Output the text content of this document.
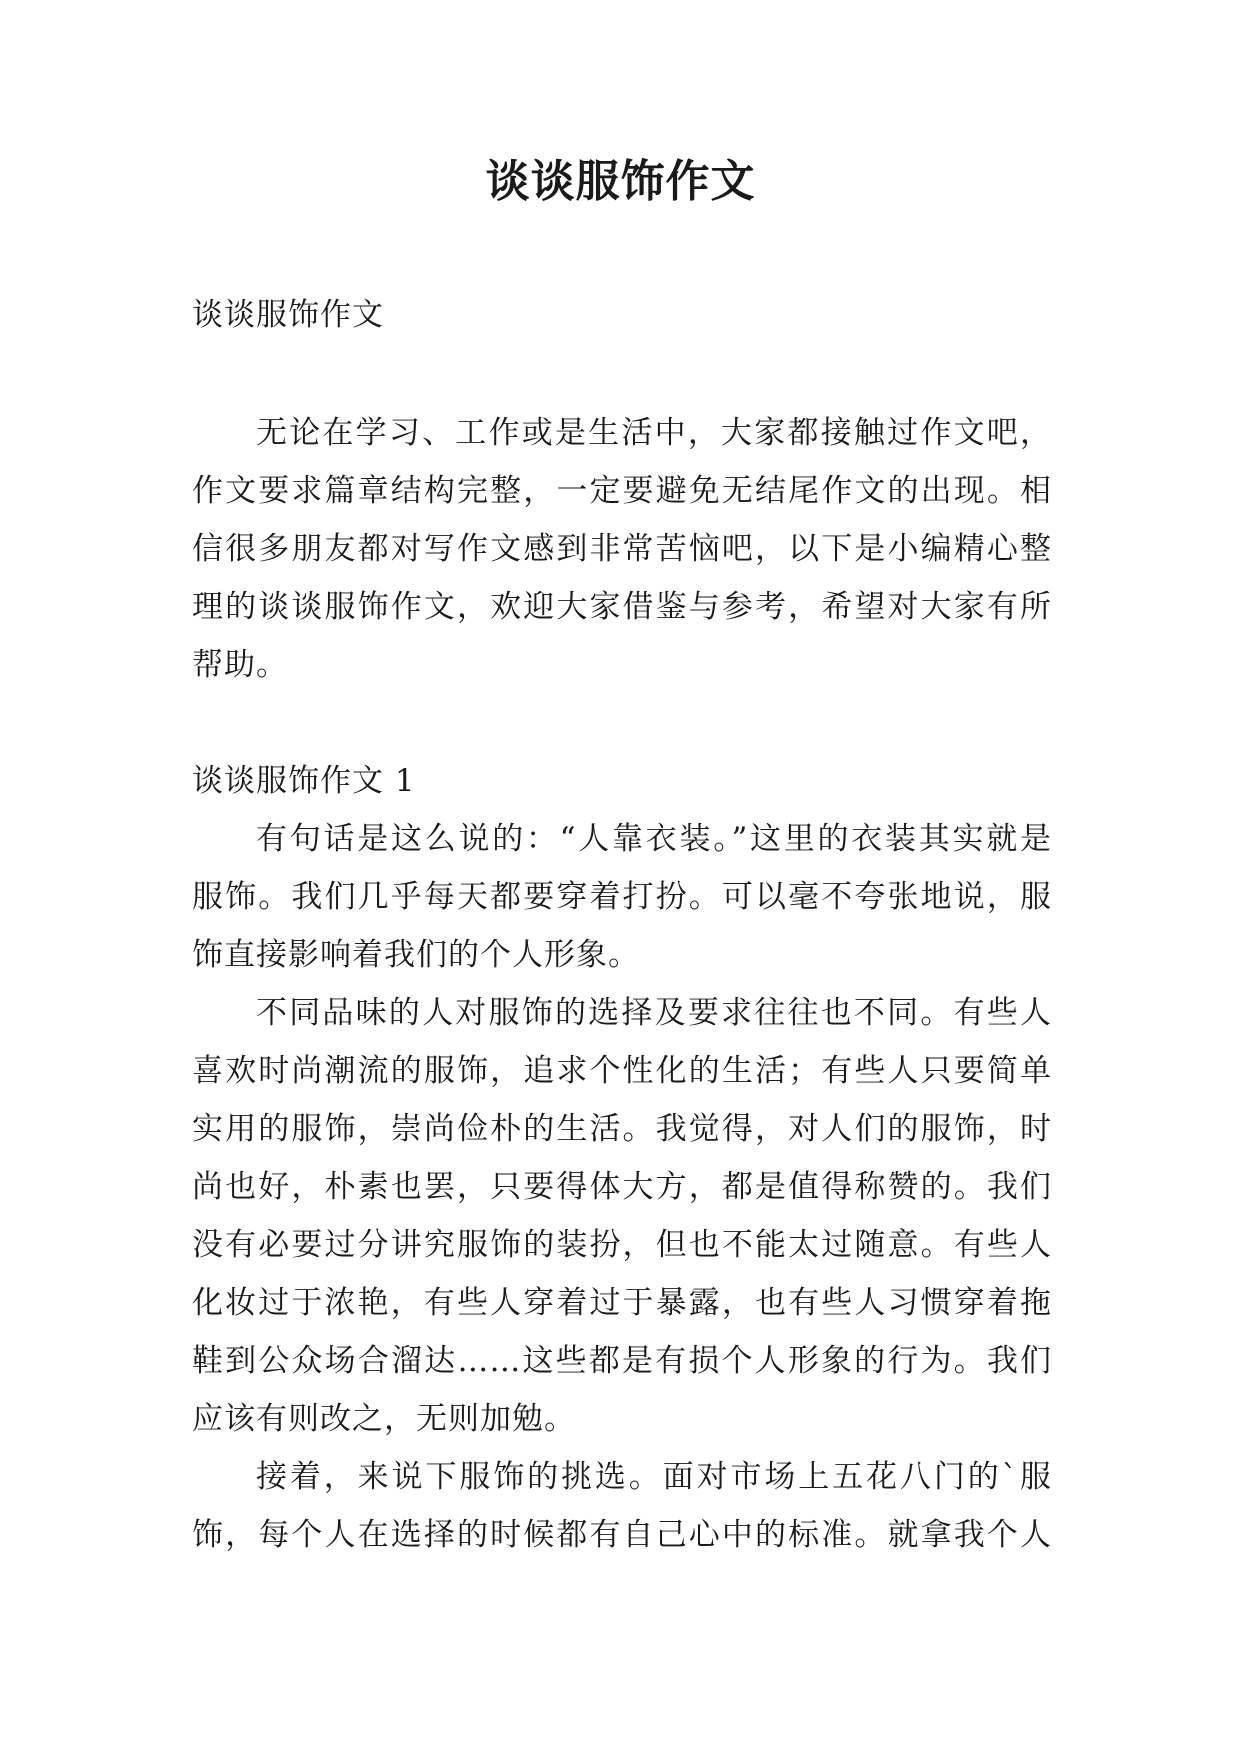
谈谈服饰作文
谈谈服饰作文
无论在学习、工作或是生活中，大家都接触过作文吧，
作文要求篇章结构完整，一定要避免无结尾作文的出现。相
信很多朋友都对写作文感到非常苦恼吧，以下是小编精心整
理的谈谈服饰作文，欢迎大家借鉴与参考，希望对大家有所
帮助。
谈谈服饰作文 1
有句话是这么说的：“人靠衣装。”这里的衣装其实就是
服饰。我们几乎每天都要穿着打扮。可以毫不夸张地说，服
饰直接影响着我们的个人形象。
不同品味的人对服饰的选择及要求往往也不同。有些人
喜欢时尚潮流的服饰，追求个性化的生活；有些人只要简单
实用的服饰，崇尚俭朴的生活。我觉得，对人们的服饰，时
尚也好，朴素也罢，只要得体大方，都是值得称赞的。我们
没有必要过分讲究服饰的装扮，但也不能太过随意。有些人
化妆过于浓艳，有些人穿着过于暴露，也有些人习惯穿着拖
鞋到公众场合溜达……这些都是有损个人形象的行为。我们
应该有则改之，无则加勉。
接着，来说下服饰的挑选。面对市场上五花八门的`服
饰，每个人在选择的时候都有自己心中的标准。就拿我个人
